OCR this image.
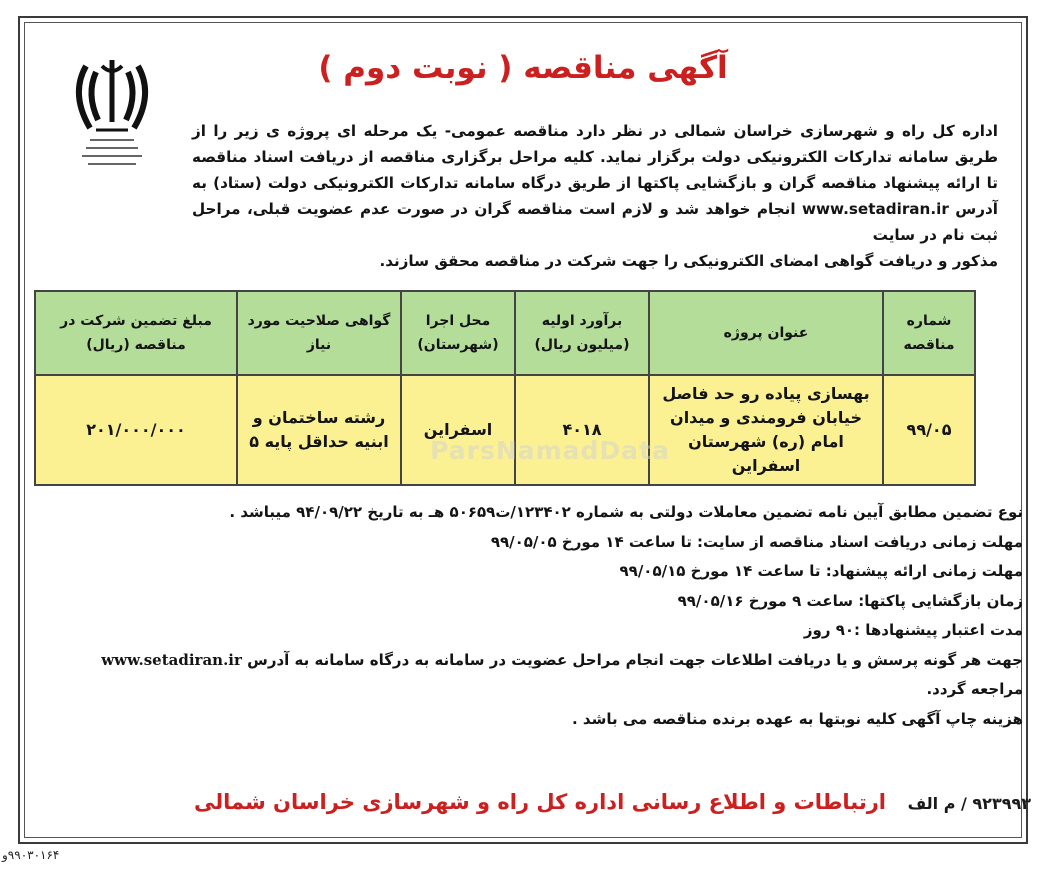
آگهی مناقصه ( نوبت دوم )
اداره کل راه و شهرسازی خراسان شمالی در نظر دارد مناقصه عمومی- یک مرحله ای پروژه ی زیر را از طریق سامانه تدارکات الکترونیکی دولت برگزار نماید. کلیه مراحل برگزاری مناقصه از دریافت اسناد مناقصه تا ارائه پیشنهاد مناقصه گران و بازگشایی پاکتها از طریق درگاه سامانه تدارکات الکترونیکی دولت (ستاد) به آدرس www.setadiran.ir انجام خواهد شد و لازم است مناقصه گران در صورت عدم عضویت قبلی، مراحل ثبت نام در سایت
مذکور و دریافت گواهی امضای الکترونیکی را جهت شرکت در مناقصه محقق سازند.
شماره مناقصه	عنوان پروژه	برآورد اولیه (میلیون ریال)	محل اجرا (شهرستان)	گواهی صلاحیت مورد نیاز	مبلغ تضمین شرکت در مناقصه (ریال)
۹۹/۰۵	بهسازی پیاده رو حد فاصل خیابان فرومندی و میدان امام (ره) شهرستان اسفراین	۴۰۱۸	اسفراین	رشته ساختمان و ابنیه حداقل پایه ۵	۲۰۱/۰۰۰/۰۰۰
ParsNamadData
نوع تضمین مطابق آیین نامه تضمین معاملات دولتی به شماره ۱۲۳۴۰۲/ت۵۰۶۵۹ هـ به تاریخ ۹۴/۰۹/۲۲ میباشد .
مهلت زمانی دریافت اسناد مناقصه از سایت: تا ساعت ۱۴ مورخ ۹۹/۰۵/۰۵
مهلت زمانی ارائه پیشنهاد: تا ساعت ۱۴ مورخ ۹۹/۰۵/۱۵
زمان بازگشایی پاکتها: ساعت ۹ مورخ ۹۹/۰۵/۱۶
مدت اعتبار پیشنهادها :۹۰ روز
جهت هر گونه پرسش و یا دریافت اطلاعات جهت انجام مراحل عضویت در سامانه به درگاه سامانه به آدرس www.setadiran.ir
مراجعه گردد.
هزینه چاپ آگهی کلیه نوبتها به عهده برنده مناقصه می باشد .
۹۲۳۹۹۳ / م الف ارتباطات و اطلاع رسانی اداره کل راه و شهرسازی خراسان شمالی
۹۹۰۳۰۱۶۴و
